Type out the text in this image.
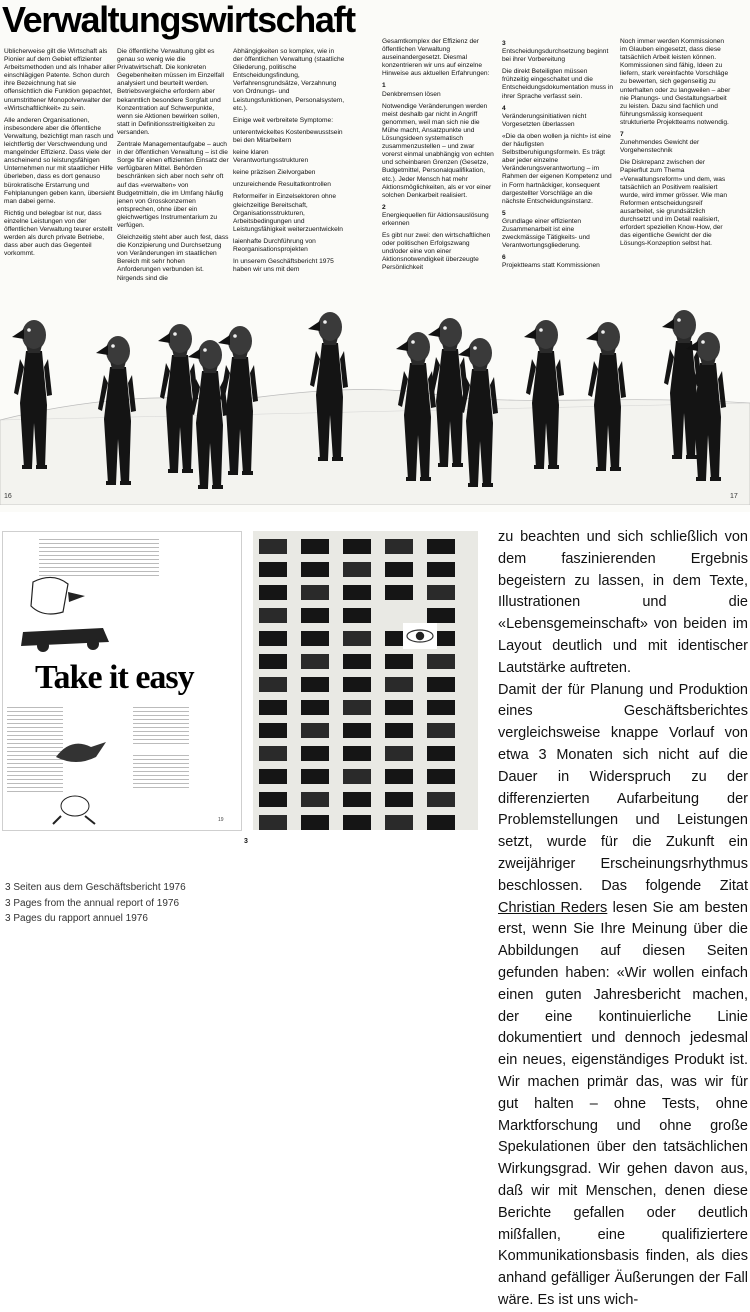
Verwaltungswirtschaft

Üblicherweise gilt die Wirtschaft als Pionier auf dem Gebiet effizienter Arbeitsmethoden und als Inhaber aller einschlägigen Patente. Schon durch ihre Bezeichnung hat sie offensichtlich die Funktion gepachtet, unumstrittener Monopolverwalter der «Wirtschaftlichkeit» zu sein.

Alle anderen Organisationen, insbesondere aber die öffentliche Verwaltung, bezichtigt man rasch und leichtfertig der Verschwendung und mangelnder Effizienz. Dass viele der anscheinend so leistungsfähigen Unternehmen nur mit staatlicher Hilfe überleben, dass es dort genauso bürokratische Erstarrung und Fehlplanungen geben kann, übersieht man dabei gerne.

Richtig und belegbar ist nur, dass einzelne Leistungen von der öffentlichen Verwaltung teurer erstellt werden als durch private Betriebe, dass aber auch das Gegenteil vorkommt.

Die öffentliche Verwaltung gibt es genau so wenig wie die Privatwirtschaft. Die konkreten Gegebenheiten müssen im Einzelfall analysiert und beurteilt werden. Betriebsvergleiche erfordern aber bekanntlich besondere Sorgfalt und Konzentration auf Schwerpunkte, wenn sie Aktionen bewirken sollen, statt in Definitionsstreitigkeiten zu versanden.

Zentrale Managementaufgabe – auch in der öffentlichen Verwaltung – ist die Sorge für einen effizienten Einsatz der verfügbaren Mittel. Behörden beschränken sich aber noch sehr oft auf das «verwalten» von Budgetmitteln, die im Umfang häufig jenen von Grosskonzernen entsprechen, ohne über ein gleichwertiges Instrumentarium zu verfügen.

Gleichzeitig steht aber auch fest, dass die Konzipierung und Durchsetzung von Veränderungen im staatlichen Bereich mit sehr hohen Anforderungen verbunden ist. Nirgends sind die

Abhängigkeiten so komplex, wie in der öffentlichen Verwaltung (staatliche Gliederung, politische Entscheidungsfindung, Verfahrensgrundsätze, Verzahnung von Ordnungs- und Leistungsfunktionen, Personalsystem, etc.).

Einige weit verbreitete Symptome:

unterentwickeltes Kostenbewusstsein bei den Mitarbeitern

keine klaren Verantwortungsstrukturen

keine präzisen Zielvorgaben

unzureichende Resultatkontrollen

Reformeifer in Einzelsektoren ohne gleichzeitige Bereitschaft, Organisationsstrukturen, Arbeitsbedingungen und Leistungsfähigkeit weiterzuentwickeln

laienhafte Durchführung von Reorganisationsprojekten

In unserem Geschäftsbericht 1975 haben wir uns mit dem

Gesamtkomplex der Effizienz der öffentlichen Verwaltung auseinandergesetzt. Diesmal konzentrieren wir uns auf einzelne Hinweise aus aktuellen Erfahrungen:

1

Denkbremsen lösen

Notwendige Veränderungen werden meist deshalb gar nicht in Angriff genommen, weil man sich nie die Mühe macht, Ansatzpunkte und Lösungsideen systematisch zusammenzustellen – und zwar vorerst einmal unabhängig von echten und scheinbaren Grenzen (Gesetze, Budgetmittel, Personalqualifikation, etc.). Jeder Mensch hat mehr Aktionsmöglichkeiten, als er vor einer solchen Denkarbeit realisiert.

2

Energiequellen für Aktionsauslösung erkennen

Es gibt nur zwei: den wirtschaftlichen oder politischen Erfolgszwang und/oder eine von einer Aktionsnotwendigkeit überzeugte Persönlichkeit

3

Entscheidungsdurchsetzung beginnt bei ihrer Vorbereitung

Die direkt Beteiligten müssen frühzeitig eingeschaltet und die Entscheidungsdokumentation muss in ihrer Sprache verfasst sein.

4

Veränderungsinitiativen nicht Vorgesetzten überlassen

«Die da oben wollen ja nicht» ist eine der häufigsten Selbstberuhigungsformeln. Es trägt aber jeder einzelne Veränderungsverantwortung – im Rahmen der eigenen Kompetenz und in Form hartnäckiger, konsequent dargestellter Vorschläge an die nächste Entscheidungsinstanz.

5

Grundlage einer effizienten Zusammenarbeit ist eine zweckmässige Tätigkeits- und Verantwortungsgliederung.

6

Projektteams statt Kommissionen

Noch immer werden Kommissionen im Glauben eingesetzt, dass diese tatsächlich Arbeit leisten können. Kommissionen sind fähig, Ideen zu liefern, stark vereinfachte Vorschläge zu bewerten, sich gegenseitig zu unterhalten oder zu langweilen – aber nie Planungs- und Gestaltungsarbeit zu leisten. Dazu sind fachlich und führungsmässig konsequent strukturierte Projektteams notwendig.

7

Zunehmendes Gewicht der Vorgehenstechnik

Die Diskrepanz zwischen der Papierflut zum Thema «Verwaltungsreform» und dem, was tatsächlich an Positivem realisiert wurde, wird immer grösser. Wie man Reformen entscheidungsreif ausarbeitet, sie grundsätzlich durchsetzt und im Detail realisiert, erfordert speziellen Know-How, der das eigentliche Gewicht der die Lösungs-Konzeption selbst hat.

16	17
Take it easy
19
3
3 Seiten aus dem Geschäftsbericht 1976
3 Pages from the annual report of 1976
3 Pages du rapport annuel 1976
zu beachten und sich schließlich von dem faszinierenden Ergebnis begeistern zu lassen, in dem Texte, Illustrationen und die «Lebensgemeinschaft» von beiden im Layout deutlich und mit identischer Lautstärke auftreten.
Damit der für Planung und Produktion eines Geschäftsberichtes vergleichsweise knappe Vorlauf von etwa 3 Monaten sich nicht auf die Dauer in Widerspruch zu der differenzierten Aufarbeitung der Problemstellungen und Leistungen setzt, wurde für die Zukunft ein zweijähriger Erscheinungsrhythmus beschlossen. Das folgende Zitat Christian Reders lesen Sie am besten erst, wenn Sie Ihre Meinung über die Abbildungen auf diesen Seiten gefunden haben: «Wir wollen einfach einen guten Jahresbericht machen, der eine kontinuierliche Linie dokumentiert und dennoch jedesmal ein neues, eigenständiges Produkt ist. Wir machen primär das, was wir für gut halten – ohne Tests, ohne Marktforschung und ohne große Spekulationen über den tatsächlichen Wirkungsgrad. Wir gehen davon aus, daß wir mit Menschen, denen diese Berichte gefallen oder deutlich mißfallen, eine qualifiziertere Kommunikationsbasis finden, als dies anhand gefälliger Äußerungen der Fall wäre. Es ist uns wich-
